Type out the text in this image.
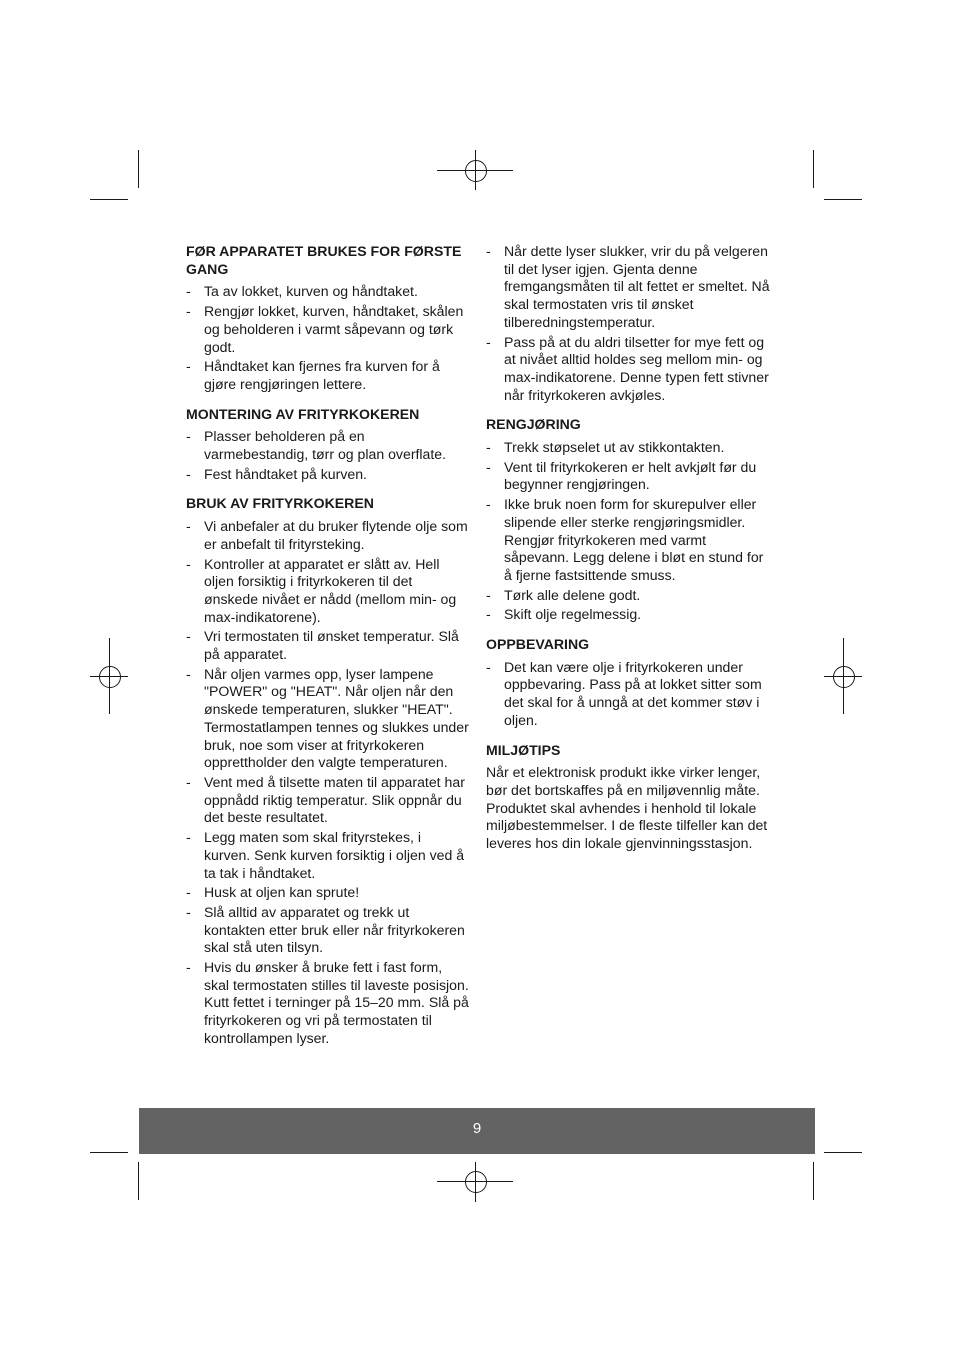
FØR APPARATET BRUKES FOR FØRSTE GANG
- Ta av lokket, kurven og håndtaket.
- Rengjør lokket, kurven, håndtaket, skålen og beholderen i varmt såpevann og tørk godt.
- Håndtaket kan fjernes fra kurven for å gjøre rengjøringen lettere.
MONTERING AV FRITYRKOKEREN
- Plasser beholderen på en varmebestandig, tørr og plan overflate.
- Fest håndtaket på kurven.
BRUK AV FRITYRKOKEREN
- Vi anbefaler at du bruker flytende olje som er anbefalt til frityrsteking.
- Kontroller at apparatet er slått av. Hell oljen forsiktig i frityrkokeren til det ønskede nivået er nådd (mellom min- og max-indikatorene).
- Vri termostaten til ønsket temperatur. Slå på apparatet.
- Når oljen varmes opp, lyser lampene "POWER" og "HEAT". Når oljen når den ønskede temperaturen, slukker "HEAT". Termostatlampen tennes og slukkes under bruk, noe som viser at frityrkokeren opprettholder den valgte temperaturen.
- Vent med å tilsette maten til apparatet har oppnådd riktig temperatur. Slik oppnår du det beste resultatet.
- Legg maten som skal frityrstekes, i kurven. Senk kurven forsiktig i oljen ved å ta tak i håndtaket.
- Husk at oljen kan sprute!
- Slå alltid av apparatet og trekk ut kontakten etter bruk eller når frityrkokeren skal stå uten tilsyn.
- Hvis du ønsker å bruke fett i fast form, skal termostaten stilles til laveste posisjon. Kutt fettet i terninger på 15–20 mm. Slå på frityrkokeren og vri på termostaten til kontrollampen lyser.
- Når dette lyser slukker, vrir du på velgeren til det lyser igjen. Gjenta denne fremgangsmåten til alt fettet er smeltet. Nå skal termostaten vris til ønsket tilberedningstemperatur.
- Pass på at du aldri tilsetter for mye fett og at nivået alltid holdes seg mellom min- og max-indikatorene. Denne typen fett stivner når frityrkokeren avkjøles.
RENGJØRING
- Trekk støpselet ut av stikkontakten.
- Vent til frityrkokeren er helt avkjølt før du begynner rengjøringen.
- Ikke bruk noen form for skurepulver eller slipende eller sterke rengjøringsmidler. Rengjør frityrkokeren med varmt såpevann. Legg delene i bløt en stund for å fjerne fastsittende smuss.
- Tørk alle delene godt.
- Skift olje regelmessig.
OPPBEVARING
- Det kan være olje i frityrkokeren under oppbevaring. Pass på at lokket sitter som det skal for å unngå at det kommer støv i oljen.
MILJØTIPS

Når et elektronisk produkt ikke virker lenger, bør det bortskaffes på en miljøvennlig måte. Produktet skal avhendes i henhold til lokale miljøbestemmelser. I de fleste tilfeller kan det leveres hos din lokale gjenvinningsstasjon.

9
